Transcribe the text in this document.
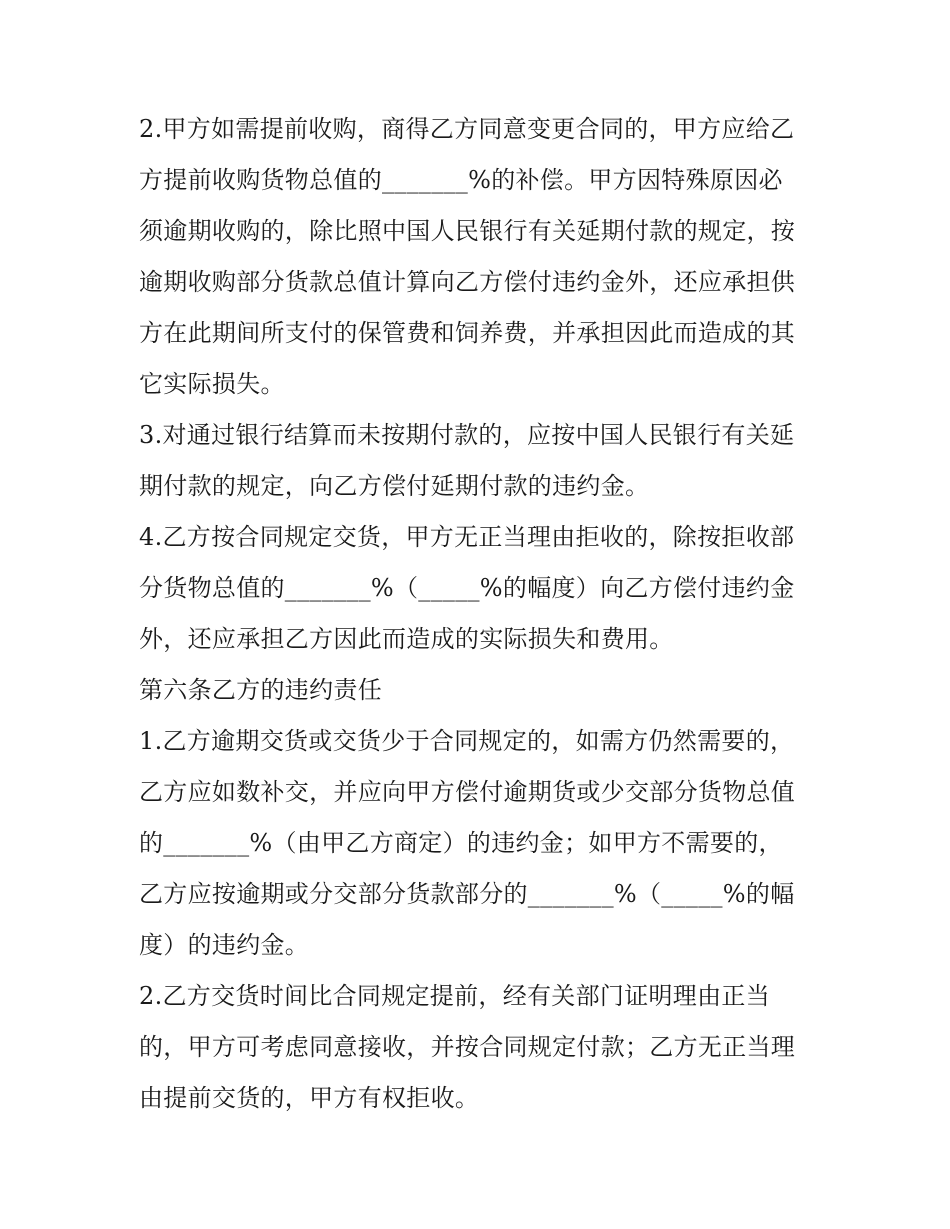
2.甲方如需提前收购，商得乙方同意变更合同的，甲方应给乙
方提前收购货物总值的_______%的补偿。甲方因特殊原因必
须逾期收购的，除比照中国人民银行有关延期付款的规定，按
逾期收购部分货款总值计算向乙方偿付违约金外，还应承担供
方在此期间所支付的保管费和饲养费，并承担因此而造成的其
它实际损失。
3.对通过银行结算而未按期付款的，应按中国人民银行有关延
期付款的规定，向乙方偿付延期付款的违约金。
4.乙方按合同规定交货，甲方无正当理由拒收的，除按拒收部
分货物总值的_______%（_____%的幅度）向乙方偿付违约金
外，还应承担乙方因此而造成的实际损失和费用。
第六条乙方的违约责任
1.乙方逾期交货或交货少于合同规定的，如需方仍然需要的，
乙方应如数补交，并应向甲方偿付逾期货或少交部分货物总值
的_______%（由甲乙方商定）的违约金；如甲方不需要的，
乙方应按逾期或分交部分货款部分的_______%（_____%的幅
度）的违约金。
2.乙方交货时间比合同规定提前，经有关部门证明理由正当
的，甲方可考虑同意接收，并按合同规定付款；乙方无正当理
由提前交货的，甲方有权拒收。
